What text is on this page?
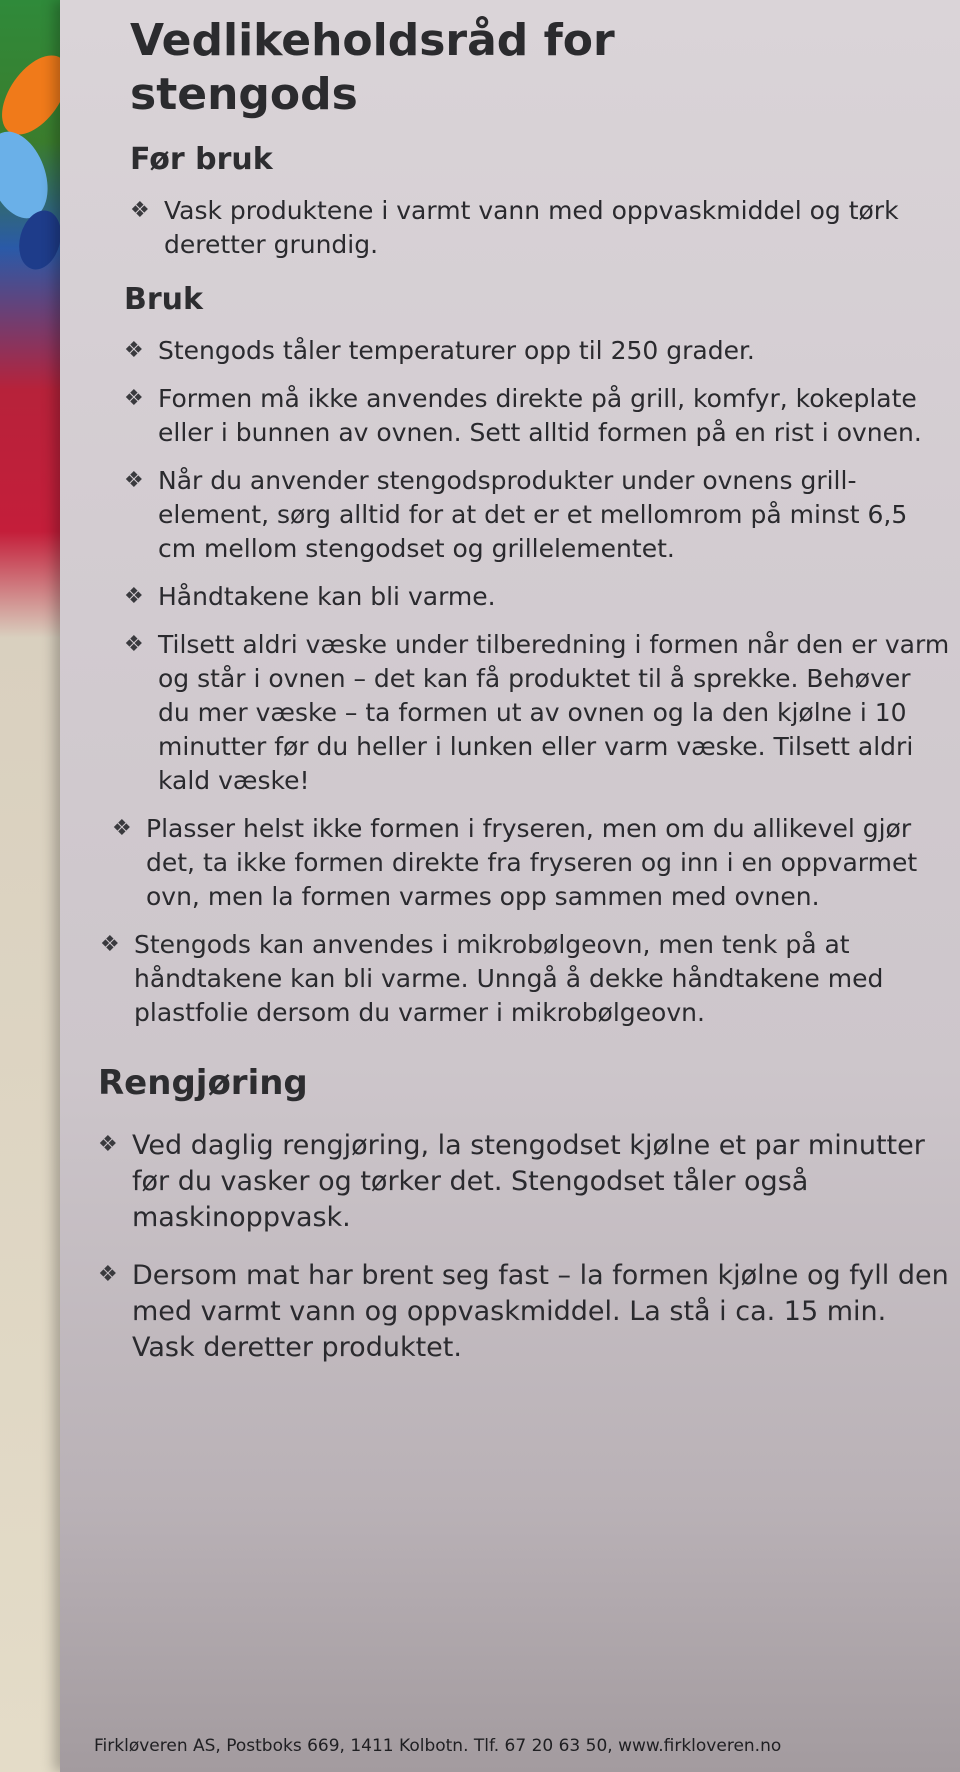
Vedlikeholdsråd for stengods
Før bruk
❖ Vask produktene i varmt vann med oppvaskmiddel og tørk deretter grundig.
Bruk
❖ Stengods tåler temperaturer opp til 250 grader.
❖ Formen må ikke anvendes direkte på grill, komfyr, kokeplate eller i bunnen av ovnen. Sett alltid formen på en rist i ovnen.
❖ Når du anvender stengodsprodukter under ovnens grillelement, sørg alltid for at det er et mellomrom på minst 6,5 cm mellom stengodset og grillelementet.
❖ Håndtakene kan bli varme.
❖ Tilsett aldri væske under tilberedning i formen når den er varm og står i ovnen – det kan få produktet til å sprekke. Behøver du mer væske – ta formen ut av ovnen og la den kjølne i 10 minutter før du heller i lunken eller varm væske. Tilsett aldri kald væske!
❖ Plasser helst ikke formen i fryseren, men om du allikevel gjør det, ta ikke formen direkte fra fryseren og inn i en oppvarmet ovn, men la formen varmes opp sammen med ovnen.
❖ Stengods kan anvendes i mikrobølgeovn, men tenk på at håndtakene kan bli varme. Unngå å dekke håndtakene med plastfolie dersom du varmer i mikrobølgeovn.
Rengjøring
❖ Ved daglig rengjøring, la stengodset kjølne et par minutter før du vasker og tørker det. Stengodset tåler også maskinoppvask.
❖ Dersom mat har brent seg fast – la formen kjølne og fyll den med varmt vann og oppvaskmiddel. La stå i ca. 15 min. Vask deretter produktet.
Firkløveren AS, Postboks 669, 1411 Kolbotn. Tlf. 67 20 63 50, www.firkloveren.no
